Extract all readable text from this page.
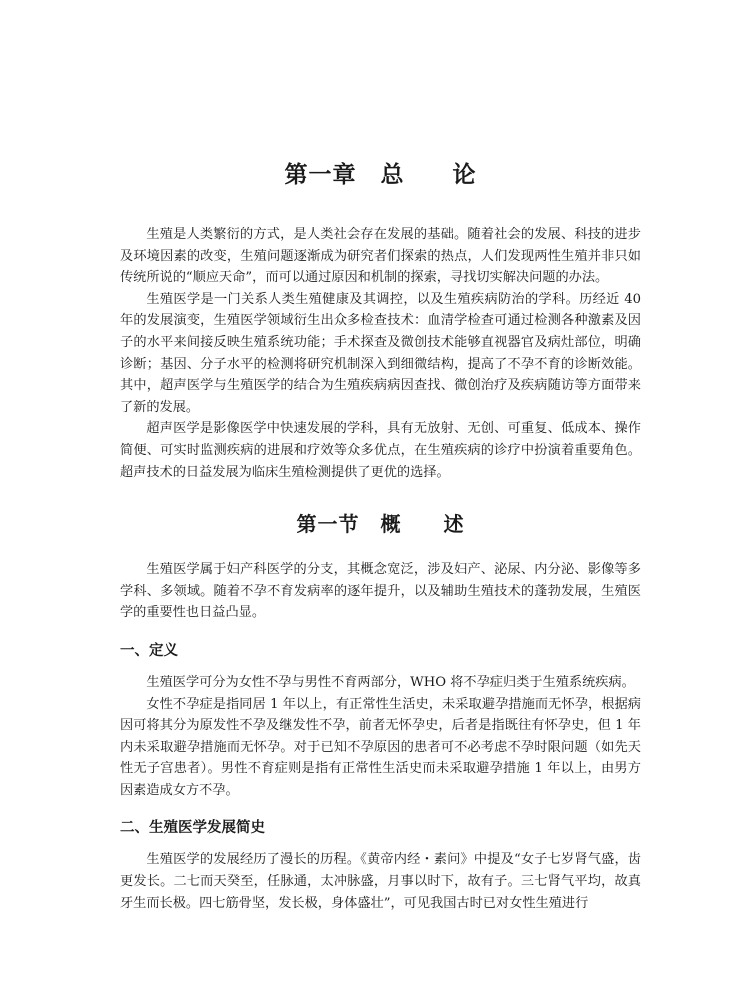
第一章　总　　论

生殖是人类繁衍的方式，是人类社会存在发展的基础。随着社会的发展、科技的进步及环境因素的改变，生殖问题逐渐成为研究者们探索的热点，人们发现两性生殖并非只如传统所说的“顺应天命”，而可以通过原因和机制的探索，寻找切实解决问题的办法。

生殖医学是一门关系人类生殖健康及其调控，以及生殖疾病防治的学科。历经近 40 年的发展演变，生殖医学领域衍生出众多检查技术：血清学检查可通过检测各种激素及因子的水平来间接反映生殖系统功能；手术探查及微创技术能够直视器官及病灶部位，明确诊断；基因、分子水平的检测将研究机制深入到细微结构，提高了不孕不育的诊断效能。其中，超声医学与生殖医学的结合为生殖疾病病因查找、微创治疗及疾病随访等方面带来了新的发展。

超声医学是影像医学中快速发展的学科，具有无放射、无创、可重复、低成本、操作简便、可实时监测疾病的进展和疗效等众多优点，在生殖疾病的诊疗中扮演着重要角色。超声技术的日益发展为临床生殖检测提供了更优的选择。

第一节　概　　述

生殖医学属于妇产科医学的分支，其概念宽泛，涉及妇产、泌尿、内分泌、影像等多学科、多领域。随着不孕不育发病率的逐年提升，以及辅助生殖技术的蓬勃发展，生殖医学的重要性也日益凸显。

一、定义

生殖医学可分为女性不孕与男性不育两部分，WHO 将不孕症归类于生殖系统疾病。

女性不孕症是指同居 1 年以上，有正常性生活史，未采取避孕措施而无怀孕，根据病因可将其分为原发性不孕及继发性不孕，前者无怀孕史，后者是指既往有怀孕史，但 1 年内未采取避孕措施而无怀孕。对于已知不孕原因的患者可不必考虑不孕时限问题（如先天性无子宫患者）。男性不育症则是指有正常性生活史而未采取避孕措施 1 年以上，由男方因素造成女方不孕。

二、生殖医学发展简史

生殖医学的发展经历了漫长的历程。《黄帝内经・素问》中提及“女子七岁肾气盛，齿更发长。二七而天癸至，任脉通，太冲脉盛，月事以时下，故有子。三七肾气平均，故真牙生而长极。四七筋骨坚，发长极，身体盛壮”，可见我国古时已对女性生殖进行
